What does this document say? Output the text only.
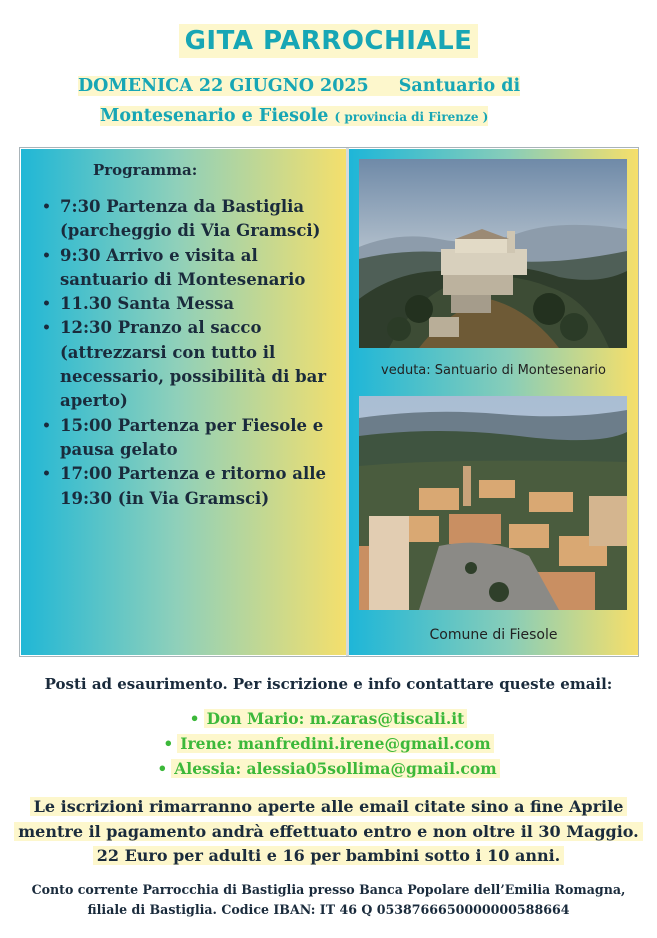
GITA PARROCHIALE
DOMENICA 22 GIUGNO 2025 Santuario di
Montesenario e Fiesole ( provincia di Firenze )
Programma:
• 7:30 Partenza da Bastiglia (parcheggio di Via Gramsci)
• 9:30 Arrivo e visita al santuario di Montesenario
• 11.30 Santa Messa
• 12:30 Pranzo al sacco (attrezzarsi con tutto il necessario, possibilità di bar aperto)
• 15:00 Partenza per Fiesole e pausa gelato
• 17:00 Partenza e ritorno alle 19:30 (in Via Gramsci)
veduta: Santuario di Montesenario
Comune di Fiesole
Posti ad esaurimento. Per iscrizione e info contattare queste email:
• Don Mario: m.zaras@tiscali.it
• Irene: manfredini.irene@gmail.com
• Alessia: alessia05sollima@gmail.com
Le iscrizioni rimarranno aperte alle email citate sino a fine Aprile mentre il pagamento andrà effettuato entro e non oltre il 30 Maggio. 22 Euro per adulti e 16 per bambini sotto i 10 anni.
Conto corrente Parrocchia di Bastiglia presso Banca Popolare dell’Emilia Romagna, filiale di Bastiglia. Codice IBAN: IT 46 Q 0538766650000000588664
